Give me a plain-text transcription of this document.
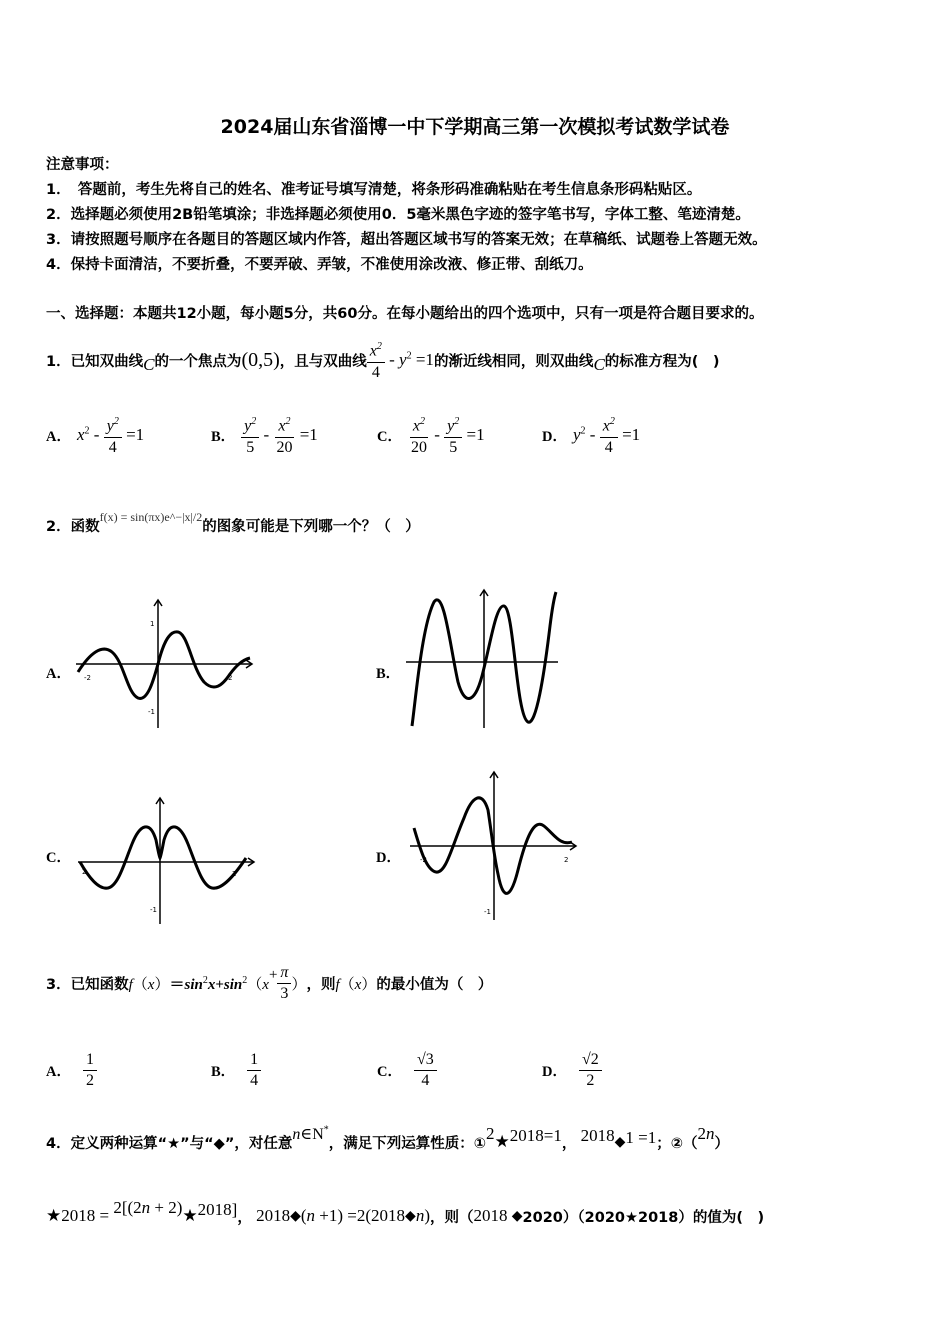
2024届山东省淄博一中下学期高三第一次模拟考试数学试卷
注意事项：
1．　答题前，考生先将自己的姓名、准考证号填写清楚，将条形码准确粘贴在考生信息条形码粘贴区。
2．选择题必须使用2B铅笔填涂；非选择题必须使用0．5毫米黑色字迹的签字笔书写，字体工整、笔迹清楚。
3．请按照题号顺序在各题目的答题区域内作答，超出答题区域书写的答案无效；在草稿纸、试题卷上答题无效。
4．保持卡面清洁，不要折叠，不要弄破、弄皱，不准使用涂改液、修正带、刮纸刀。
一、选择题：本题共12小题，每小题5分，共60分。在每小题给出的四个选项中，只有一项是符合题目要求的。
1．已知双曲线 C 的一个焦点为 (0,5) ，且与双曲线 $\frac{x^2}{4} - y^2 =1$ 的渐近线相同，则双曲线 C 的标准方程为(　)
A． $x^2 - \frac{y^2}{4} =1$	B． $\frac{y^2}{5} - \frac{x^2}{20} =1$	C． $\frac{x^2}{20} - \frac{y^2}{5} =1$	D． $y^2 - \frac{x^2}{4} =1$
2．函数
f(x) = sin(πx)e^−|x|/2
的图象可能是下列哪一个？（　）
A． -2	2
1
-1
B．
C．
2	2
-1
D．	-2	2
-1
3．已知函数 $f(x)=\sin^2x+\sin^2(x$
+ $\frac{\pi}{3}$ ） ，则 f（x） 的最小值为（　）
A． $\frac{1}{2}$	B． $\frac{1}{4}$	C． $\frac{√3}{4}$	D． $\frac{√2}{2}$
4．定义两种运算“★”与“◆”，对任意
n∈N*
，满足下列运算性质：①
2 ★ 2018=1 ， 2018 ◆ 1 =1 ；②（
2n
）
★ 2018 = 2[(2n + 2) ★ 2018] ， 2018 ◆ (n +1) =2(2018 ◆ n) ，则（ 2018 ◆ 2020）（2020★2018）的值为(　)
